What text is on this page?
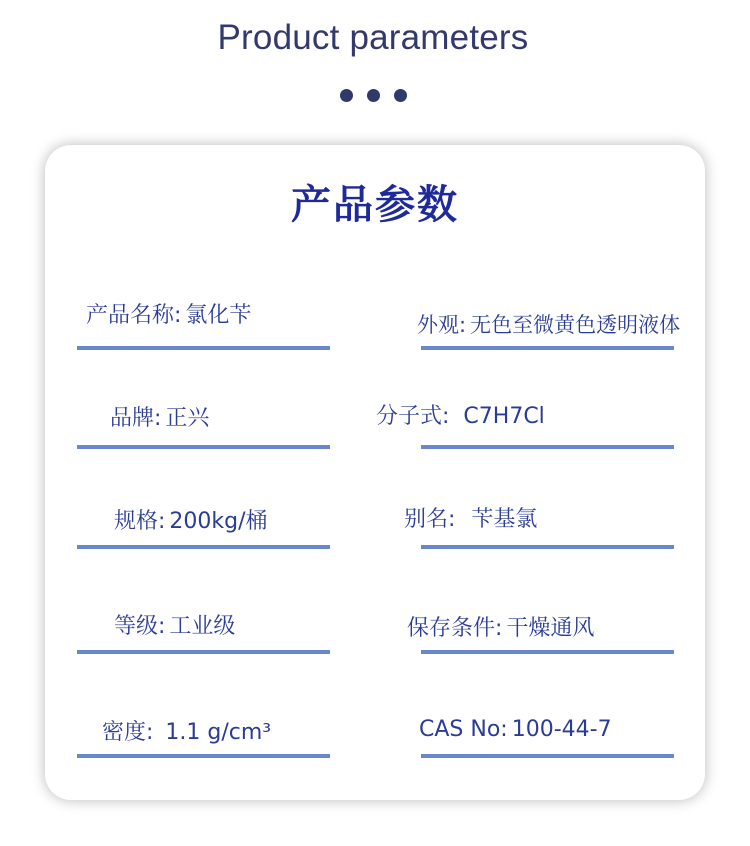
Product parameters
产品参数
产品名称: 氯化苄	外观: 无色至微黄色透明液体
品牌: 正兴	分子式: C7H7Cl
规格: 200kg/桶	别名: 苄基氯
等级: 工业级	保存条件: 干燥通风
密度: 1.1 g/cm³	CAS No: 100-44-7
